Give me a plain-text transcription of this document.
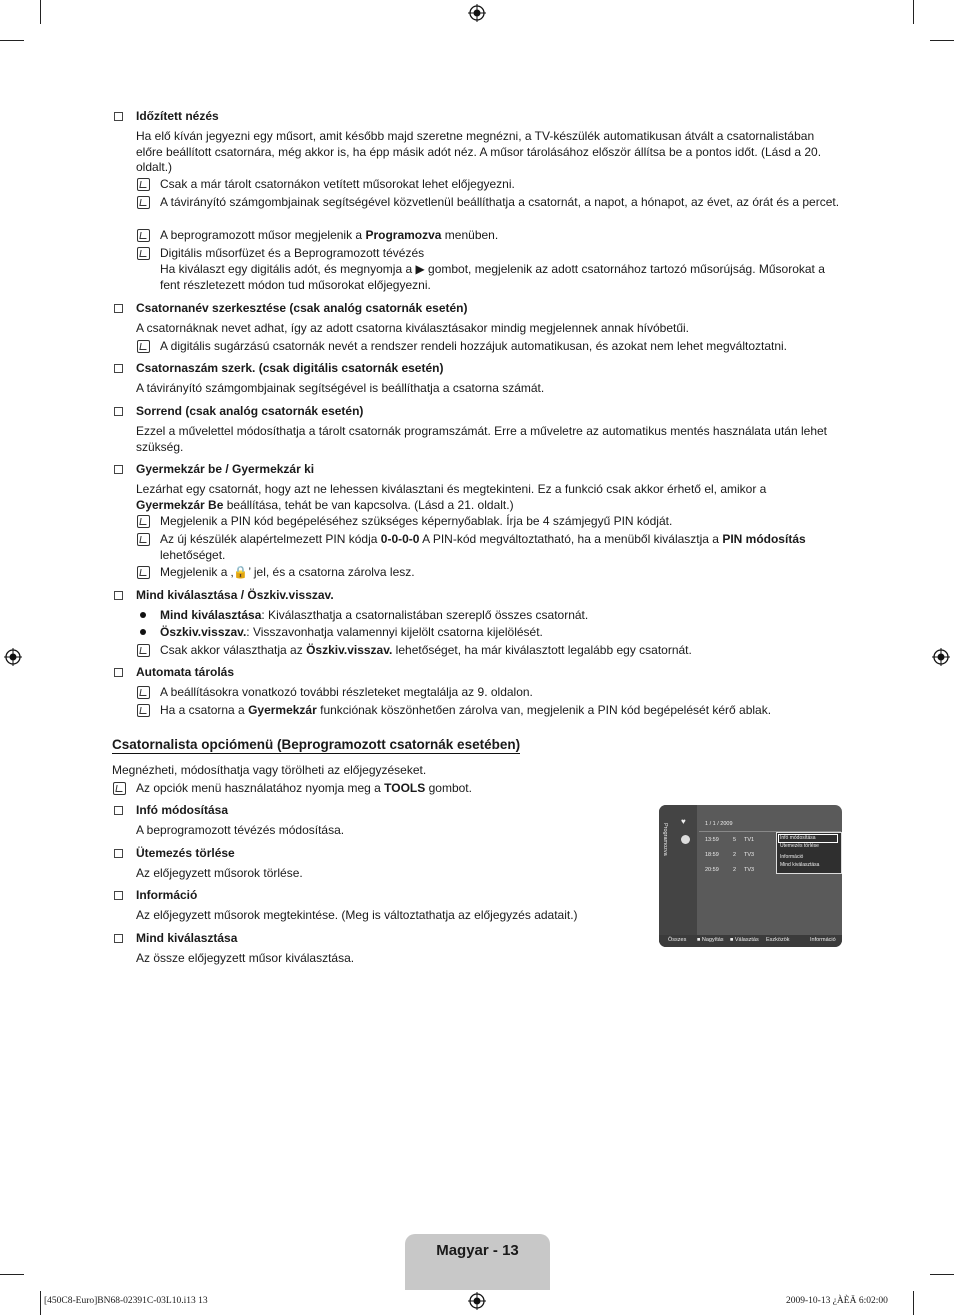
Időzített nézés
Ha elő kíván jegyezni egy műsort, amit később majd szeretne megnézni, a TV-készülék automatikusan átvált a csatornalistában előre beállított csatornára, még akkor is, ha épp másik adót néz. A műsor tárolásához először állítsa be a pontos időt. (Lásd a 20. oldalt.)
Csak a már tárolt csatornákon vetített műsorokat lehet előjegyezni.
A távirányító számgombjainak segítségével közvetlenül beállíthatja a csatornát, a napot, a hónapot, az évet, az órát és a percet.
A beprogramozott műsor megjelenik a Programozva menüben.
Digitális műsorfüzet és a Beprogramozott tévézés
Ha kiválaszt egy digitális adót, és megnyomja a ▶ gombot, megjelenik az adott csatornához tartozó műsorújság. Műsorokat a fent részletezett módon tud műsorokat előjegyezni.
Csatornanév szerkesztése (csak analóg csatornák esetén)
A csatornáknak nevet adhat, így az adott csatorna kiválasztásakor mindig megjelennek annak hívóbetűi.
A digitális sugárzású csatornák nevét a rendszer rendeli hozzájuk automatikusan, és azokat nem lehet megváltoztatni.
Csatornaszám szerk. (csak digitális csatornák esetén)
A távirányító számgombjainak segítségével is beállíthatja a csatorna számát.
Sorrend (csak analóg csatornák esetén)
Ezzel a művelettel módosíthatja a tárolt csatornák programszámát. Erre a műveletre az automatikus mentés használata után lehet szükség.
Gyermekzár be / Gyermekzár ki
Lezárhat egy csatornát, hogy azt ne lehessen kiválasztani és megtekinteni. Ez a funkció csak akkor érhető el, amikor a Gyermekzár Be beállítása, tehát be van kapcsolva. (Lásd a 21. oldalt.)
Megjelenik a PIN kód begépeléséhez szükséges képernyőablak. Írja be 4 számjegyű PIN kódját.
Az új készülék alapértelmezett PIN kódja 0-0-0-0 A PIN-kód megváltoztatható, ha a menüből kiválasztja a PIN módosítás lehetőséget.
Megjelenik a ‚🔒’ jel, és a csatorna zárolva lesz.
Mind kiválasztása / Öszkiv.visszav.
Mind kiválasztása: Kiválaszthatja a csatornalistában szereplő összes csatornát.
Öszkiv.visszav.: Visszavonhatja valamennyi kijelölt csatorna kijelölését.
Csak akkor választhatja az Öszkiv.visszav. lehetőséget, ha már kiválasztott legalább egy csatornát.
Automata tárolás
A beállításokra vonatkozó további részleteket megtalálja az 9. oldalon.
Ha a csatorna a Gyermekzár funkciónak köszönhetően zárolva van, megjelenik a PIN kód begépelését kérő ablak.
Csatornalista opciómenü (Beprogramozott csatornák esetében)
Megnézheti, módosíthatja vagy törölheti az előjegyzéseket.
Az opciók menü használatához nyomja meg a TOOLS gombot.
Infó módosítása
A beprogramozott tévézés módosítása.
Ütemezés törlése
Az előjegyzett műsorok törlése.
Információ
Az előjegyzett műsorok megtekintése. (Meg is változtathatja az előjegyzés adatait.)
Mind kiválasztása
Az össze előjegyzett műsor kiválasztása.
Programozva
♥	1 / 1 / 2009
13:59	5 TV1
18:59	2 TV3
20:59	2 TV3
Infó módosítása
Ütemezés törlése
Információ
Mind kiválasztása
Összes ■ Nagyítás ■ Választás Eszközök	Információ
Magyar - 13
[450C8-Euro]BN68-02391C-03L10.i13 13	2009-10-13 ¿ÀÈÄ 6:02:00
